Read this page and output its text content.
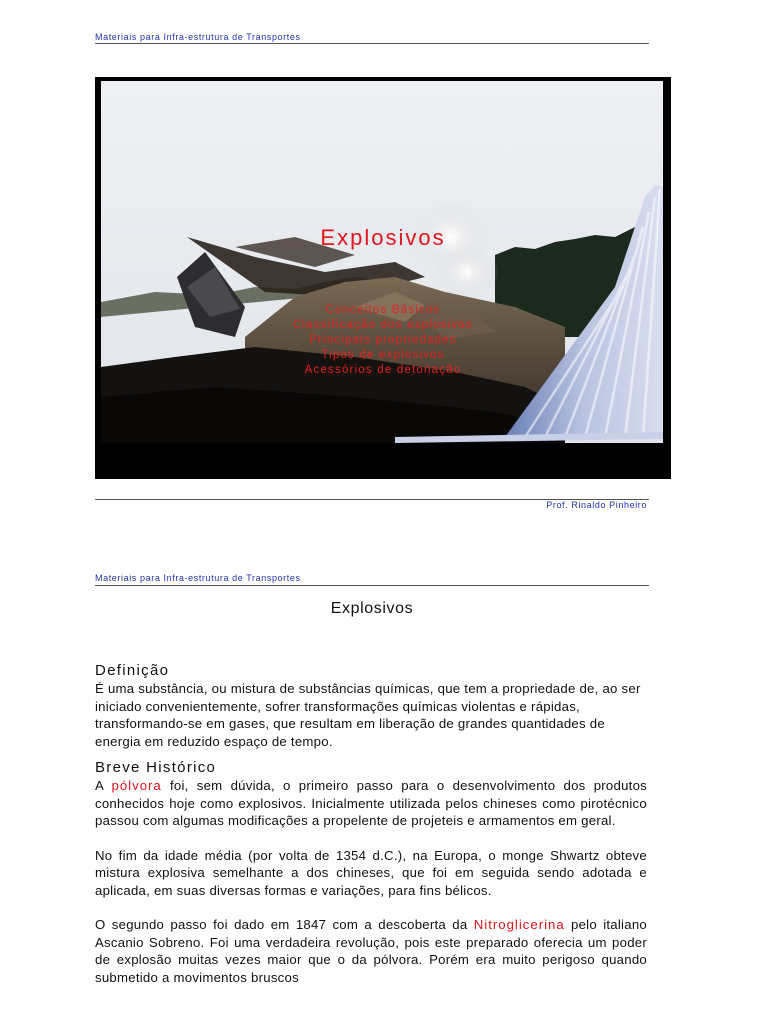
Materiais para Infra-estrutura de Transportes
Explosivos
Conceitos Básicos
Classificação dos explosivos
Principais propriedades
Tipos de explosivos
Acessórios de detonação
Prof. Rinaldo Pinheiro
Materiais para Infra-estrutura de Transportes
Explosivos
Definição

É uma substância, ou mistura de substâncias químicas, que tem a propriedade de, ao ser iniciado convenientemente, sofrer transformações químicas violentas e rápidas, transformando-se em gases, que resultam em liberação de grandes quantidades de energia em reduzido espaço de tempo.

Breve Histórico

A pólvora foi, sem dúvida, o primeiro passo para o desenvolvimento dos produtos conhecidos hoje como explosivos. Inicialmente utilizada pelos chineses como pirotécnico passou com algumas modificações a propelente de projeteis e armamentos em geral.

No fim da idade média (por volta de 1354 d.C.), na Europa, o monge Shwartz obteve mistura explosiva semelhante a dos chineses, que foi em seguida sendo adotada e aplicada, em suas diversas formas e variações, para fins bélicos.

O segundo passo foi dado em 1847 com a descoberta da Nitroglicerina pelo italiano Ascanio Sobreno. Foi uma verdadeira revolução, pois este preparado oferecia um poder de explosão muitas vezes maior que o da pólvora. Porém era muito perigoso quando submetido a movimentos bruscos
